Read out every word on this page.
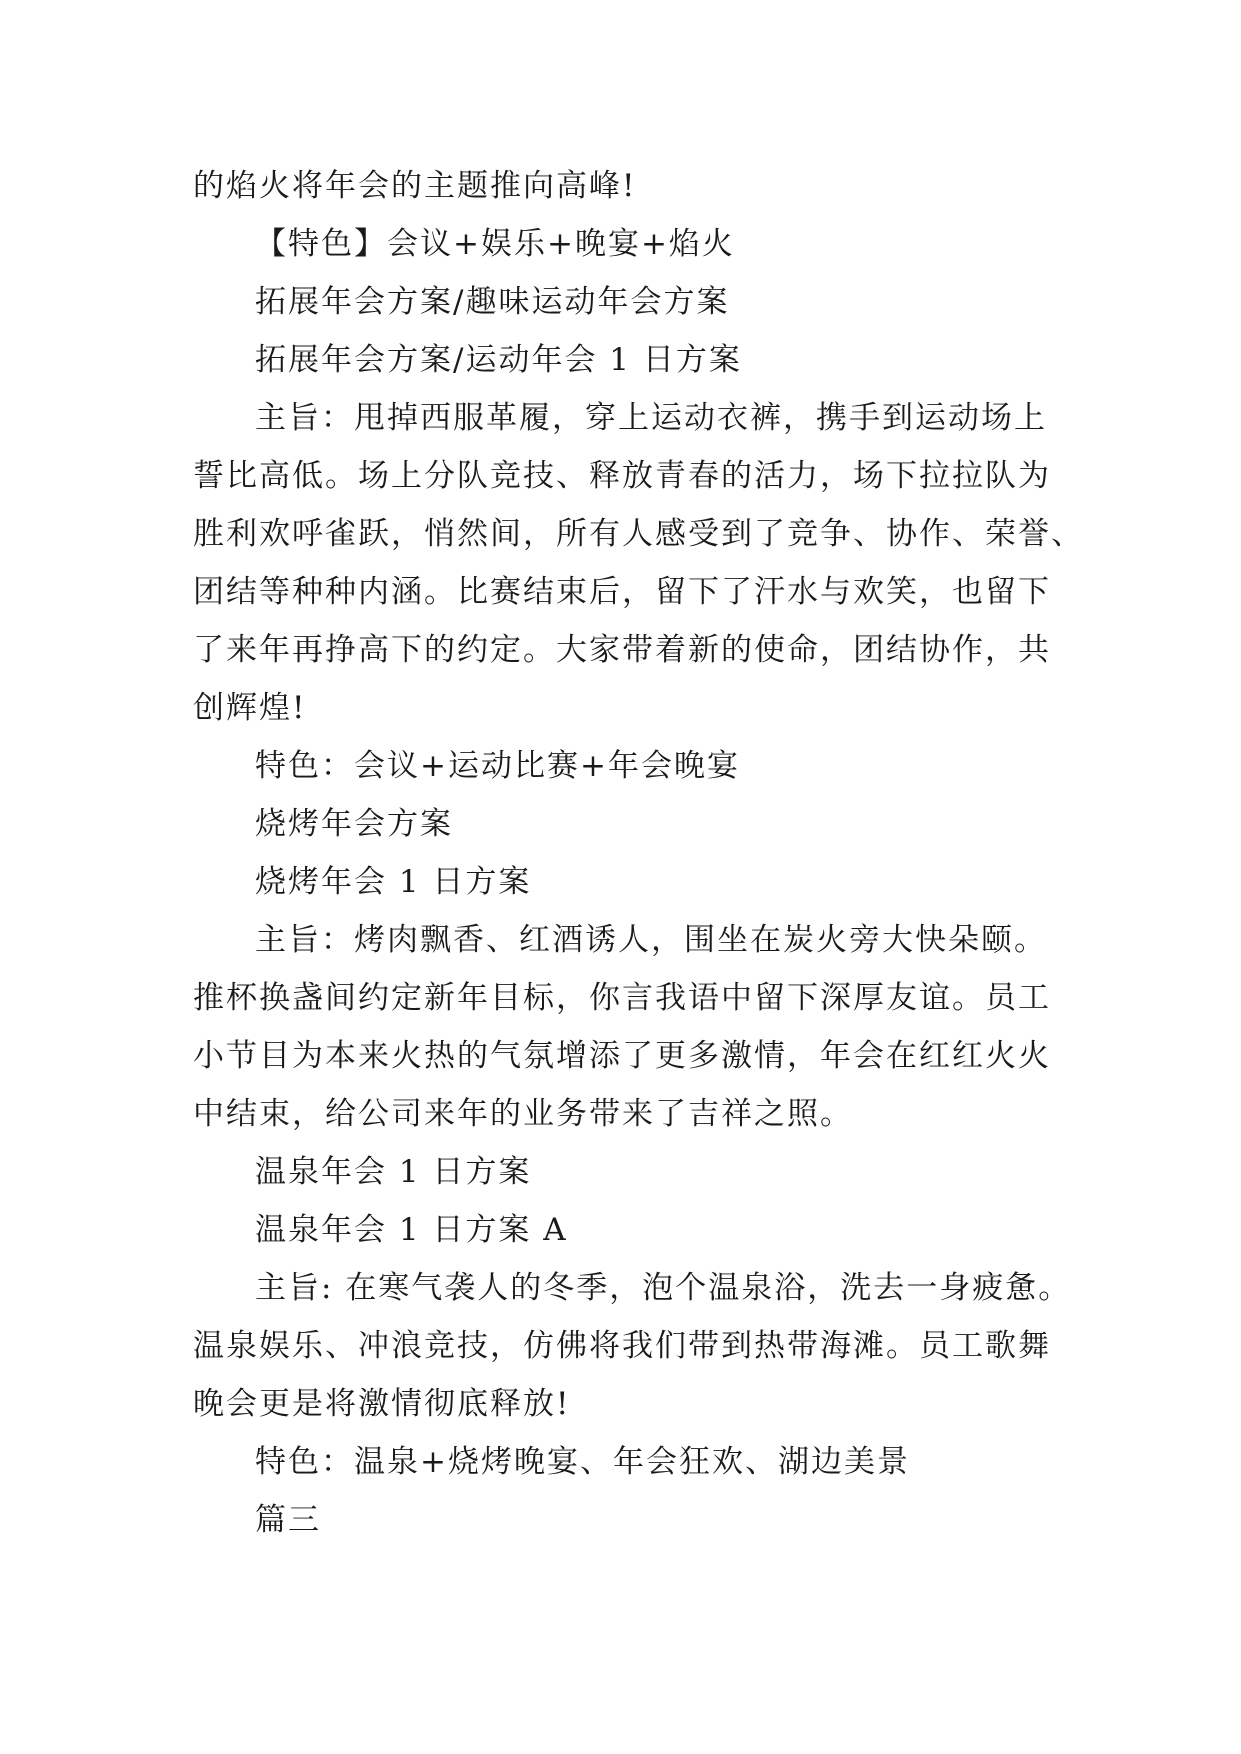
的焰火将年会的主题推向高峰!
【特色】会议+娱乐+晚宴+焰火
拓展年会方案/趣味运动年会方案
拓展年会方案/运动年会 1 日方案
主旨：甩掉西服革履，穿上运动衣裤，携手到运动场上
誓比高低。场上分队竞技、释放青春的活力，场下拉拉队为
胜利欢呼雀跃，悄然间，所有人感受到了竞争、协作、荣誉、
团结等种种内涵。比赛结束后，留下了汗水与欢笑，也留下
了来年再挣高下的约定。大家带着新的使命，团结协作，共
创辉煌!
特色：会议+运动比赛+年会晚宴
烧烤年会方案
烧烤年会 1 日方案
主旨：烤肉飘香、红酒诱人，围坐在炭火旁大快朵颐。
推杯换盏间约定新年目标，你言我语中留下深厚友谊。员工
小节目为本来火热的气氛增添了更多激情，年会在红红火火
中结束，给公司来年的业务带来了吉祥之照。
温泉年会 1 日方案
温泉年会 1 日方案 A
主旨: 在寒气袭人的冬季，泡个温泉浴，洗去一身疲惫。
温泉娱乐、冲浪竞技，仿佛将我们带到热带海滩。员工歌舞
晚会更是将激情彻底释放!
特色：温泉+烧烤晚宴、年会狂欢、湖边美景
篇三
